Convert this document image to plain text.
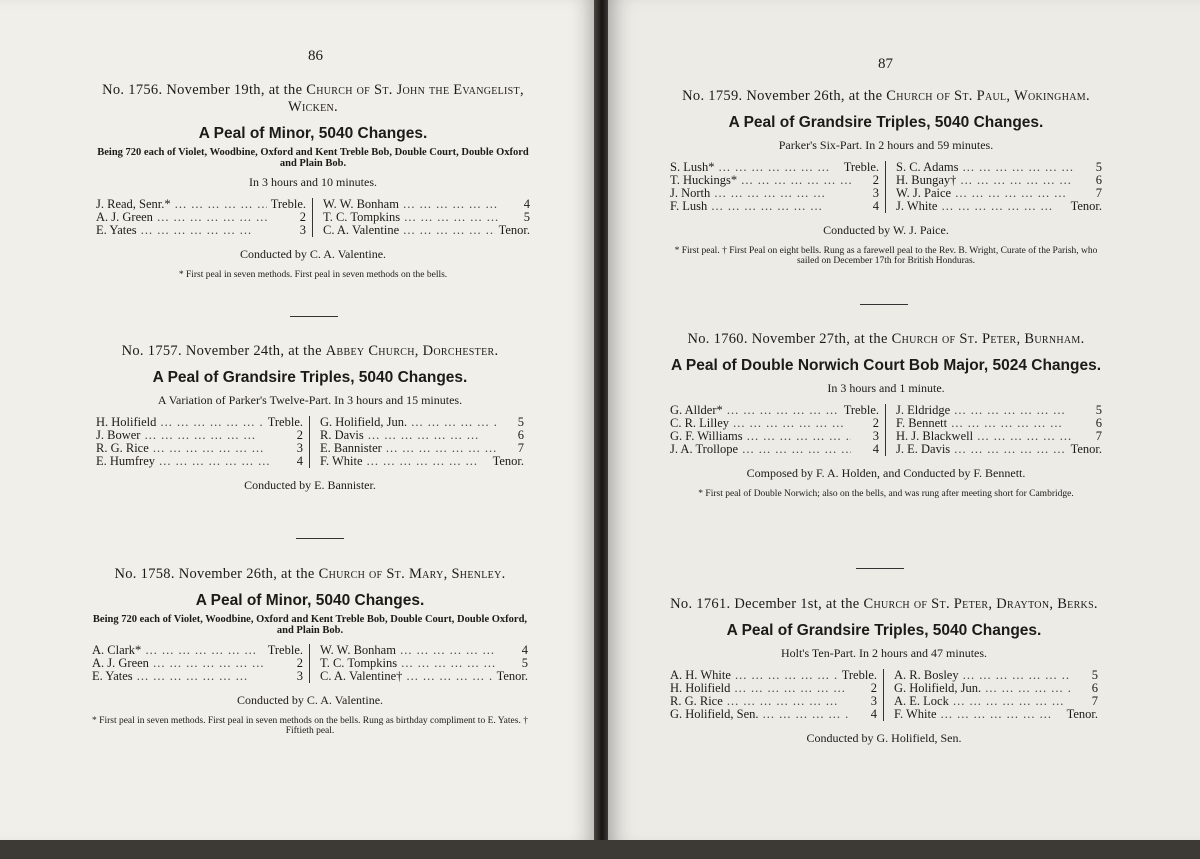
86
No. 1756. November 19th, at the Church of St. John the Evangelist, Wicken.
A Peal of Minor, 5040 Changes.
Being 720 each of Violet, Woodbine, Oxford and Kent Treble Bob, Double Court, Double Oxford and Plain Bob.
In 3 hours and 10 minutes.
J. Read, Senr.* ... .	Treble.
A. J. Green ... .	2
E. Yates ... .	3
W. W. Bonham ... .	4
T. C. Tompkins ... .	5
C. A. Valentine ... .	Tenor.
Conducted by C. A. Valentine.
* First peal in seven methods. First peal in seven methods on the bells.
No. 1757. November 24th, at the Abbey Church, Dorchester.
A Peal of Grandsire Triples, 5040 Changes.
A Variation of Parker's Twelve-Part. In 3 hours and 15 minutes.
H. Holifield ... .	Treble.
J. Bower ... .	2
R. G. Rice ... .	3
E. Humfrey ... .	4
G. Holifield, Jun. ... .	5
R. Davis ... .	6
E. Bannister ... .	7
F. White ... .	Tenor.
Conducted by E. Bannister.
No. 1758. November 26th, at the Church of St. Mary, Shenley.
A Peal of Minor, 5040 Changes.
Being 720 each of Violet, Woodbine, Oxford and Kent Treble Bob, Double Court, Double Oxford, and Plain Bob.
A. Clark* ... .	Treble.
A. J. Green ... .	2
E. Yates ... .	3
W. W. Bonham ... .	4
T. C. Tompkins ... .	5
C. A. Valentine† ... .	Tenor.
Conducted by C. A. Valentine.
* First peal in seven methods. First peal in seven methods on the bells. Rung as birthday compliment to E. Yates. † Fiftieth peal.
87
No. 1759. November 26th, at the Church of St. Paul, Wokingham.
A Peal of Grandsire Triples, 5040 Changes.
Parker's Six-Part. In 2 hours and 59 minutes.
S. Lush* ... .	Treble.
T. Huckings* ... .	2
J. North ... .	3
F. Lush ... .	4
S. C. Adams ... .	5
H. Bungay† ... .	6
W. J. Paice ... .	7
J. White ... .	Tenor.
Conducted by W. J. Paice.
* First peal. † First Peal on eight bells. Rung as a farewell peal to the Rev. B. Wright, Curate of the Parish, who sailed on December 17th for British Honduras.
No. 1760. November 27th, at the Church of St. Peter, Burnham.
A Peal of Double Norwich Court Bob Major, 5024 Changes.
In 3 hours and 1 minute.
G. Allder* ... .	Treble.
C. R. Lilley ... .	2
G. F. Williams ... .	3
J. A. Trollope ... .	4
J. Eldridge ... .	5
F. Bennett ... .	6
H. J. Blackwell ... .	7
J. E. Davis ... .	Tenor.
Composed by F. A. Holden, and Conducted by F. Bennett.
* First peal of Double Norwich; also on the bells, and was rung after meeting short for Cambridge.
No. 1761. December 1st, at the Church of St. Peter, Drayton, Berks.
A Peal of Grandsire Triples, 5040 Changes.
Holt's Ten-Part. In 2 hours and 47 minutes.
A. H. White ... .	Treble.
H. Holifield ... .	2
R. G. Rice ... .	3
G. Holifield, Sen. ... .	4
A. R. Bosley ... .	5
G. Holifield, Jun. ... .	6
A. E. Lock ... .	7
F. White ... .	Tenor.
Conducted by G. Holifield, Sen.
